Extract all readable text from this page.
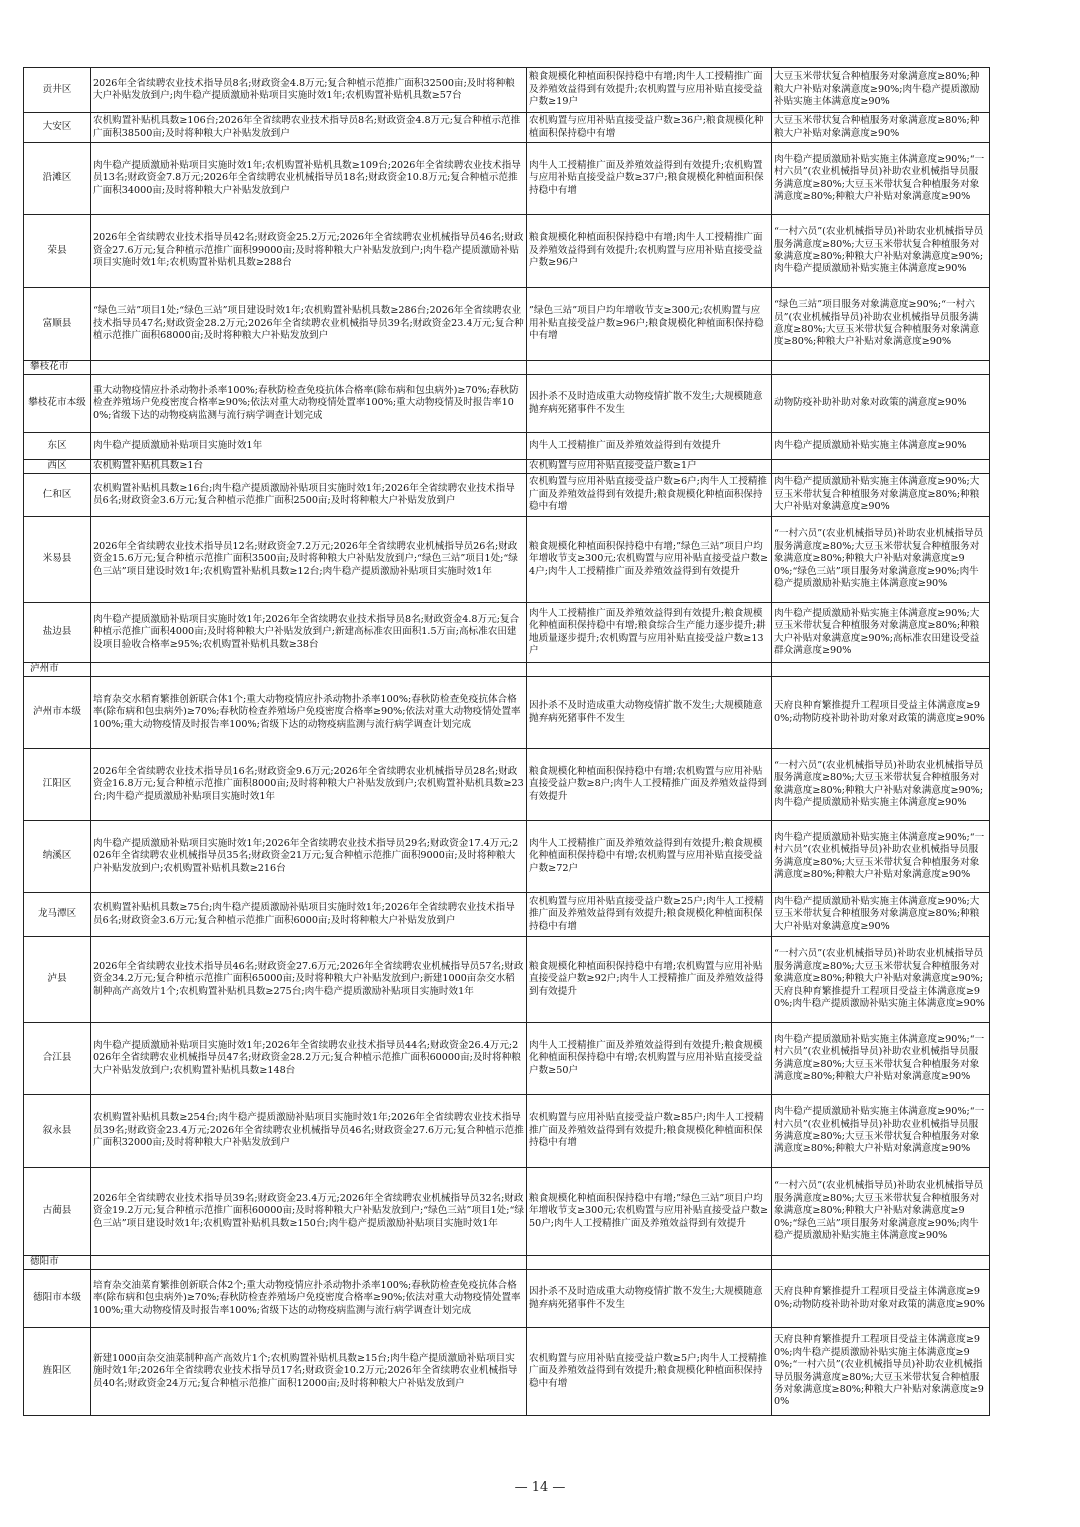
贡井区	2026年全省续聘农业技术指导员8名;财政资金4.8万元;复合种植示范推广面积32500亩;及时将种粮大户补贴发放到户;肉牛稳产提质激励补贴项目实施时效1年;农机购置补贴机具数≥57台	粮食规模化种植面积保持稳中有增;肉牛人工授精推广面及养殖效益得到有效提升;农机购置与应用补贴直接受益户数≥19户	大豆玉米带状复合种植服务对象满意度≥80%;种粮大户补贴对象满意度≥90%;肉牛稳产提质激励补贴实施主体满意度≥90%
大安区	农机购置补贴机具数≥106台;2026年全省续聘农业技术指导员8名;财政资金4.8万元;复合种植示范推广面积38500亩;及时将种粮大户补贴发放到户	农机购置与应用补贴直接受益户数≥36户;粮食规模化种植面积保持稳中有增	大豆玉米带状复合种植服务对象满意度≥80%;种粮大户补贴对象满意度≥90%
沿滩区	肉牛稳产提质激励补贴项目实施时效1年;农机购置补贴机具数≥109台;2026年全省续聘农业技术指导员13名;财政资金7.8万元;2026年全省续聘农业机械指导员18名;财政资金10.8万元;复合种植示范推广面积34000亩;及时将种粮大户补贴发放到户	肉牛人工授精推广面及养殖效益得到有效提升;农机购置与应用补贴直接受益户数≥37户;粮食规模化种植面积保持稳中有增	肉牛稳产提质激励补贴实施主体满意度≥90%;“一村六员”(农业机械指导员)补助农业机械指导员服务满意度≥80%;大豆玉米带状复合种植服务对象满意度≥80%;种粮大户补贴对象满意度≥90%
荣县	2026年全省续聘农业技术指导员42名;财政资金25.2万元;2026年全省续聘农业机械指导员46名;财政资金27.6万元;复合种植示范推广面积99000亩;及时将种粮大户补贴发放到户;肉牛稳产提质激励补贴项目实施时效1年;农机购置补贴机具数≥288台	粮食规模化种植面积保持稳中有增;肉牛人工授精推广面及养殖效益得到有效提升;农机购置与应用补贴直接受益户数≥96户	“一村六员”(农业机械指导员)补助农业机械指导员服务满意度≥80%;大豆玉米带状复合种植服务对象满意度≥80%;种粮大户补贴对象满意度≥90%;肉牛稳产提质激励补贴实施主体满意度≥90%
富顺县	“绿色三站”项目1处;“绿色三站”项目建设时效1年;农机购置补贴机具数≥286台;2026年全省续聘农业技术指导员47名;财政资金28.2万元;2026年全省续聘农业机械指导员39名;财政资金23.4万元;复合种植示范推广面积68000亩;及时将种粮大户补贴发放到户	”绿色三站”项目户均年增收节支≥300元;农机购置与应用补贴直接受益户数≥96户;粮食规模化种植面积保持稳中有增	“绿色三站”项目服务对象满意度≥90%;“一村六员”(农业机械指导员)补助农业机械指导员服务满意度≥80%;大豆玉米带状复合种植服务对象满意度≥80%;种粮大户补贴对象满意度≥90%
攀枝花市			
攀枝花市本级	重大动物疫情应扑杀动物扑杀率100%;春秋防检查免疫抗体合格率(除布病和包虫病外)≥70%;春秋防检查养殖场户免疫密度合格率≥90%;依法对重大动物疫情处置率100%;重大动物疫情及时报告率100%;省级下达的动物疫病监测与流行病学调查计划完成	因扑杀不及时造成重大动物疫情扩散不发生;大规模随意抛弃病死猪事件不发生	动物防疫补助补助对象对政策的满意度≥90%
东区	肉牛稳产提质激励补贴项目实施时效1年	肉牛人工授精推广面及养殖效益得到有效提升	肉牛稳产提质激励补贴实施主体满意度≥90%
西区	农机购置补贴机具数≥1台	农机购置与应用补贴直接受益户数≥1户	
仁和区	农机购置补贴机具数≥16台;肉牛稳产提质激励补贴项目实施时效1年;2026年全省续聘农业技术指导员6名;财政资金3.6万元;复合种植示范推广面积2500亩;及时将种粮大户补贴发放到户	农机购置与应用补贴直接受益户数≥6户;肉牛人工授精推广面及养殖效益得到有效提升;粮食规模化种植面积保持稳中有增	肉牛稳产提质激励补贴实施主体满意度≥90%;大豆玉米带状复合种植服务对象满意度≥80%;种粮大户补贴对象满意度≥90%
米易县	2026年全省续聘农业技术指导员12名;财政资金7.2万元;2026年全省续聘农业机械指导员26名;财政资金15.6万元;复合种植示范推广面积3500亩;及时将种粮大户补贴发放到户;“绿色三站”项目1处;“绿色三站”项目建设时效1年;农机购置补贴机具数≥12台;肉牛稳产提质激励补贴项目实施时效1年	粮食规模化种植面积保持稳中有增;”绿色三站”项目户均年增收节支≥300元;农机购置与应用补贴直接受益户数≥4户;肉牛人工授精推广面及养殖效益得到有效提升	“一村六员”(农业机械指导员)补助农业机械指导员服务满意度≥80%;大豆玉米带状复合种植服务对象满意度≥80%;种粮大户补贴对象满意度≥90%;“绿色三站”项目服务对象满意度≥90%;肉牛稳产提质激励补贴实施主体满意度≥90%
盐边县	肉牛稳产提质激励补贴项目实施时效1年;2026年全省续聘农业技术指导员8名;财政资金4.8万元;复合种植示范推广面积4000亩;及时将种粮大户补贴发放到户;新建高标准农田面积1.5万亩;高标准农田建设项目验收合格率≥95%;农机购置补贴机具数≥38台	肉牛人工授精推广面及养殖效益得到有效提升;粮食规模化种植面积保持稳中有增;粮食综合生产能力逐步提升;耕地质量逐步提升;农机购置与应用补贴直接受益户数≥13户	肉牛稳产提质激励补贴实施主体满意度≥90%;大豆玉米带状复合种植服务对象满意度≥80%;种粮大户补贴对象满意度≥90%;高标准农田建设受益群众满意度≥90%
泸州市			
泸州市本级	培育杂交水稻育繁推创新联合体1个;重大动物疫情应扑杀动物扑杀率100%;春秋防检查免疫抗体合格率(除布病和包虫病外)≥70%;春秋防检查养殖场户免疫密度合格率≥90%;依法对重大动物疫情处置率100%;重大动物疫情及时报告率100%;省级下达的动物疫病监测与流行病学调查计划完成	因扑杀不及时造成重大动物疫情扩散不发生;大规模随意抛弃病死猪事件不发生	天府良种育繁推提升工程项目受益主体满意度≥90%;动物防疫补助补助对象对政策的满意度≥90%
江阳区	2026年全省续聘农业技术指导员16名;财政资金9.6万元;2026年全省续聘农业机械指导员28名;财政资金16.8万元;复合种植示范推广面积8000亩;及时将种粮大户补贴发放到户;农机购置补贴机具数≥23台;肉牛稳产提质激励补贴项目实施时效1年	粮食规模化种植面积保持稳中有增;农机购置与应用补贴直接受益户数≥8户;肉牛人工授精推广面及养殖效益得到有效提升	“一村六员”(农业机械指导员)补助农业机械指导员服务满意度≥80%;大豆玉米带状复合种植服务对象满意度≥80%;种粮大户补贴对象满意度≥90%;肉牛稳产提质激励补贴实施主体满意度≥90%
纳溪区	肉牛稳产提质激励补贴项目实施时效1年;2026年全省续聘农业技术指导员29名;财政资金17.4万元;2026年全省续聘农业机械指导员35名;财政资金21万元;复合种植示范推广面积9000亩;及时将种粮大户补贴发放到户;农机购置补贴机具数≥216台	肉牛人工授精推广面及养殖效益得到有效提升;粮食规模化种植面积保持稳中有增;农机购置与应用补贴直接受益户数≥72户	肉牛稳产提质激励补贴实施主体满意度≥90%;“一村六员”(农业机械指导员)补助农业机械指导员服务满意度≥80%;大豆玉米带状复合种植服务对象满意度≥80%;种粮大户补贴对象满意度≥90%
龙马潭区	农机购置补贴机具数≥75台;肉牛稳产提质激励补贴项目实施时效1年;2026年全省续聘农业技术指导员6名;财政资金3.6万元;复合种植示范推广面积6000亩;及时将种粮大户补贴发放到户	农机购置与应用补贴直接受益户数≥25户;肉牛人工授精推广面及养殖效益得到有效提升;粮食规模化种植面积保持稳中有增	肉牛稳产提质激励补贴实施主体满意度≥90%;大豆玉米带状复合种植服务对象满意度≥80%;种粮大户补贴对象满意度≥90%
泸县	2026年全省续聘农业技术指导员46名;财政资金27.6万元;2026年全省续聘农业机械指导员57名;财政资金34.2万元;复合种植示范推广面积65000亩;及时将种粮大户补贴发放到户;新建1000亩杂交水稻制种高产高效片1个;农机购置补贴机具数≥275台;肉牛稳产提质激励补贴项目实施时效1年	粮食规模化种植面积保持稳中有增;农机购置与应用补贴直接受益户数≥92户;肉牛人工授精推广面及养殖效益得到有效提升	“一村六员”(农业机械指导员)补助农业机械指导员服务满意度≥80%;大豆玉米带状复合种植服务对象满意度≥80%;种粮大户补贴对象满意度≥90%;天府良种育繁推提升工程项目受益主体满意度≥90%;肉牛稳产提质激励补贴实施主体满意度≥90%
合江县	肉牛稳产提质激励补贴项目实施时效1年;2026年全省续聘农业技术指导员44名;财政资金26.4万元;2026年全省续聘农业机械指导员47名;财政资金28.2万元;复合种植示范推广面积60000亩;及时将种粮大户补贴发放到户;农机购置补贴机具数≥148台	肉牛人工授精推广面及养殖效益得到有效提升;粮食规模化种植面积保持稳中有增;农机购置与应用补贴直接受益户数≥50户	肉牛稳产提质激励补贴实施主体满意度≥90%;“一村六员”(农业机械指导员)补助农业机械指导员服务满意度≥80%;大豆玉米带状复合种植服务对象满意度≥80%;种粮大户补贴对象满意度≥90%
叙永县	农机购置补贴机具数≥254台;肉牛稳产提质激励补贴项目实施时效1年;2026年全省续聘农业技术指导员39名;财政资金23.4万元;2026年全省续聘农业机械指导员46名;财政资金27.6万元;复合种植示范推广面积32000亩;及时将种粮大户补贴发放到户	农机购置与应用补贴直接受益户数≥85户;肉牛人工授精推广面及养殖效益得到有效提升;粮食规模化种植面积保持稳中有增	肉牛稳产提质激励补贴实施主体满意度≥90%;“一村六员”(农业机械指导员)补助农业机械指导员服务满意度≥80%;大豆玉米带状复合种植服务对象满意度≥80%;种粮大户补贴对象满意度≥90%
古蔺县	2026年全省续聘农业技术指导员39名;财政资金23.4万元;2026年全省续聘农业机械指导员32名;财政资金19.2万元;复合种植示范推广面积60000亩;及时将种粮大户补贴发放到户;“绿色三站”项目1处;“绿色三站”项目建设时效1年;农机购置补贴机具数≥150台;肉牛稳产提质激励补贴项目实施时效1年	粮食规模化种植面积保持稳中有增;”绿色三站”项目户均年增收节支≥300元;农机购置与应用补贴直接受益户数≥50户;肉牛人工授精推广面及养殖效益得到有效提升	“一村六员”(农业机械指导员)补助农业机械指导员服务满意度≥80%;大豆玉米带状复合种植服务对象满意度≥80%;种粮大户补贴对象满意度≥90%;“绿色三站”项目服务对象满意度≥90%;肉牛稳产提质激励补贴实施主体满意度≥90%
德阳市			
德阳市本级	培育杂交油菜育繁推创新联合体2个;重大动物疫情应扑杀动物扑杀率100%;春秋防检查免疫抗体合格率(除布病和包虫病外)≥70%;春秋防检查养殖场户免疫密度合格率≥90%;依法对重大动物疫情处置率100%;重大动物疫情及时报告率100%;省级下达的动物疫病监测与流行病学调查计划完成	因扑杀不及时造成重大动物疫情扩散不发生;大规模随意抛弃病死猪事件不发生	天府良种育繁推提升工程项目受益主体满意度≥90%;动物防疫补助补助对象对政策的满意度≥90%
旌阳区	新建1000亩杂交油菜制种高产高效片1个;农机购置补贴机具数≥15台;肉牛稳产提质激励补贴项目实施时效1年;2026年全省续聘农业技术指导员17名;财政资金10.2万元;2026年全省续聘农业机械指导员40名;财政资金24万元;复合种植示范推广面积12000亩;及时将种粮大户补贴发放到户	农机购置与应用补贴直接受益户数≥5户;肉牛人工授精推广面及养殖效益得到有效提升;粮食规模化种植面积保持稳中有增	天府良种育繁推提升工程项目受益主体满意度≥90%;肉牛稳产提质激励补贴实施主体满意度≥90%;“一村六员”(农业机械指导员)补助农业机械指导员服务满意度≥80%;大豆玉米带状复合种植服务对象满意度≥80%;种粮大户补贴对象满意度≥90%
— 14 —
